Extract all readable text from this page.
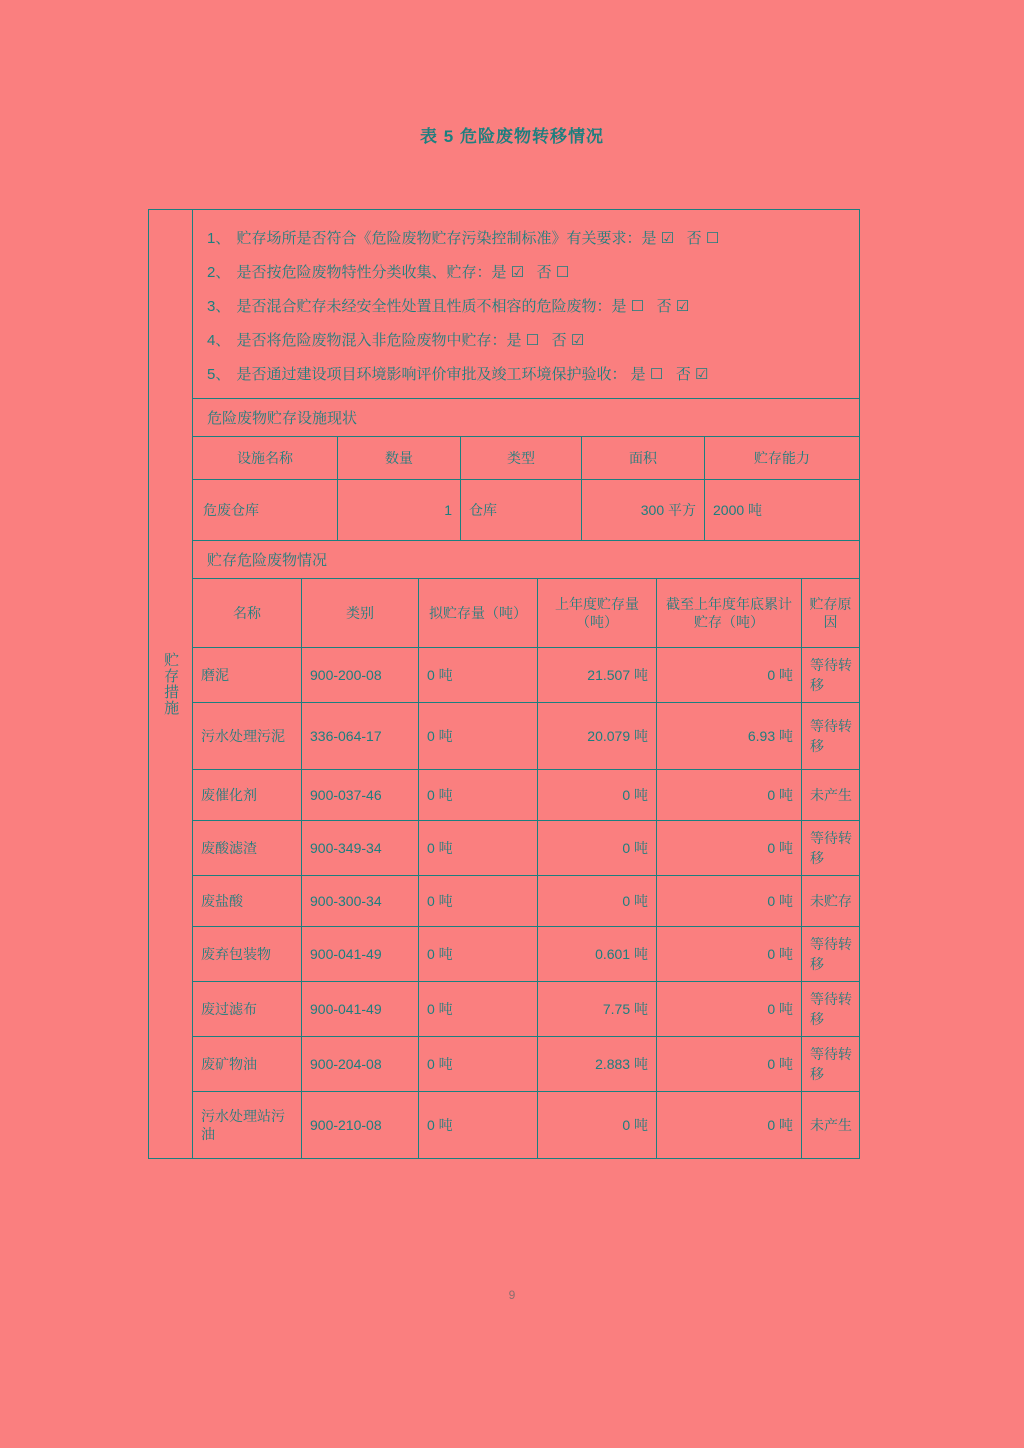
表 5 危险废物转移情况
贮存措施
1、 贮存场所是否符合《危险废物贮存污染控制标准》有关要求：是 ☑ 否 ☐
2、 是否按危险废物特性分类收集、贮存：是 ☑ 否 ☐
3、 是否混合贮存未经安全性处置且性质不相容的危险废物：是 ☐ 否 ☑
4、 是否将危险废物混入非危险废物中贮存：是 ☐ 否 ☑
5、 是否通过建设项目环境影响评价审批及竣工环境保护验收： 是 ☐ 否 ☑
危险废物贮存设施现状
设施名称	数量	类型	面积	贮存能力
危废仓库	1	仓库	300 平方	2000 吨
贮存危险废物情况
名称	类别	拟贮存量（吨）	上年度贮存量（吨）	截至上年度年底累计贮存（吨）	贮存原因
磨泥	900-200-08	0 吨	21.507 吨	0 吨	等待转移
污水处理污泥	336-064-17	0 吨	20.079 吨	6.93 吨	等待转移
废催化剂	900-037-46	0 吨	0 吨	0 吨	未产生
废酸滤渣	900-349-34	0 吨	0 吨	0 吨	等待转移
废盐酸	900-300-34	0 吨	0 吨	0 吨	未贮存
废弃包装物	900-041-49	0 吨	0.601 吨	0 吨	等待转移
废过滤布	900-041-49	0 吨	7.75 吨	0 吨	等待转移
废矿物油	900-204-08	0 吨	2.883 吨	0 吨	等待转移
污水处理站污油	900-210-08	0 吨	0 吨	0 吨	未产生
9
